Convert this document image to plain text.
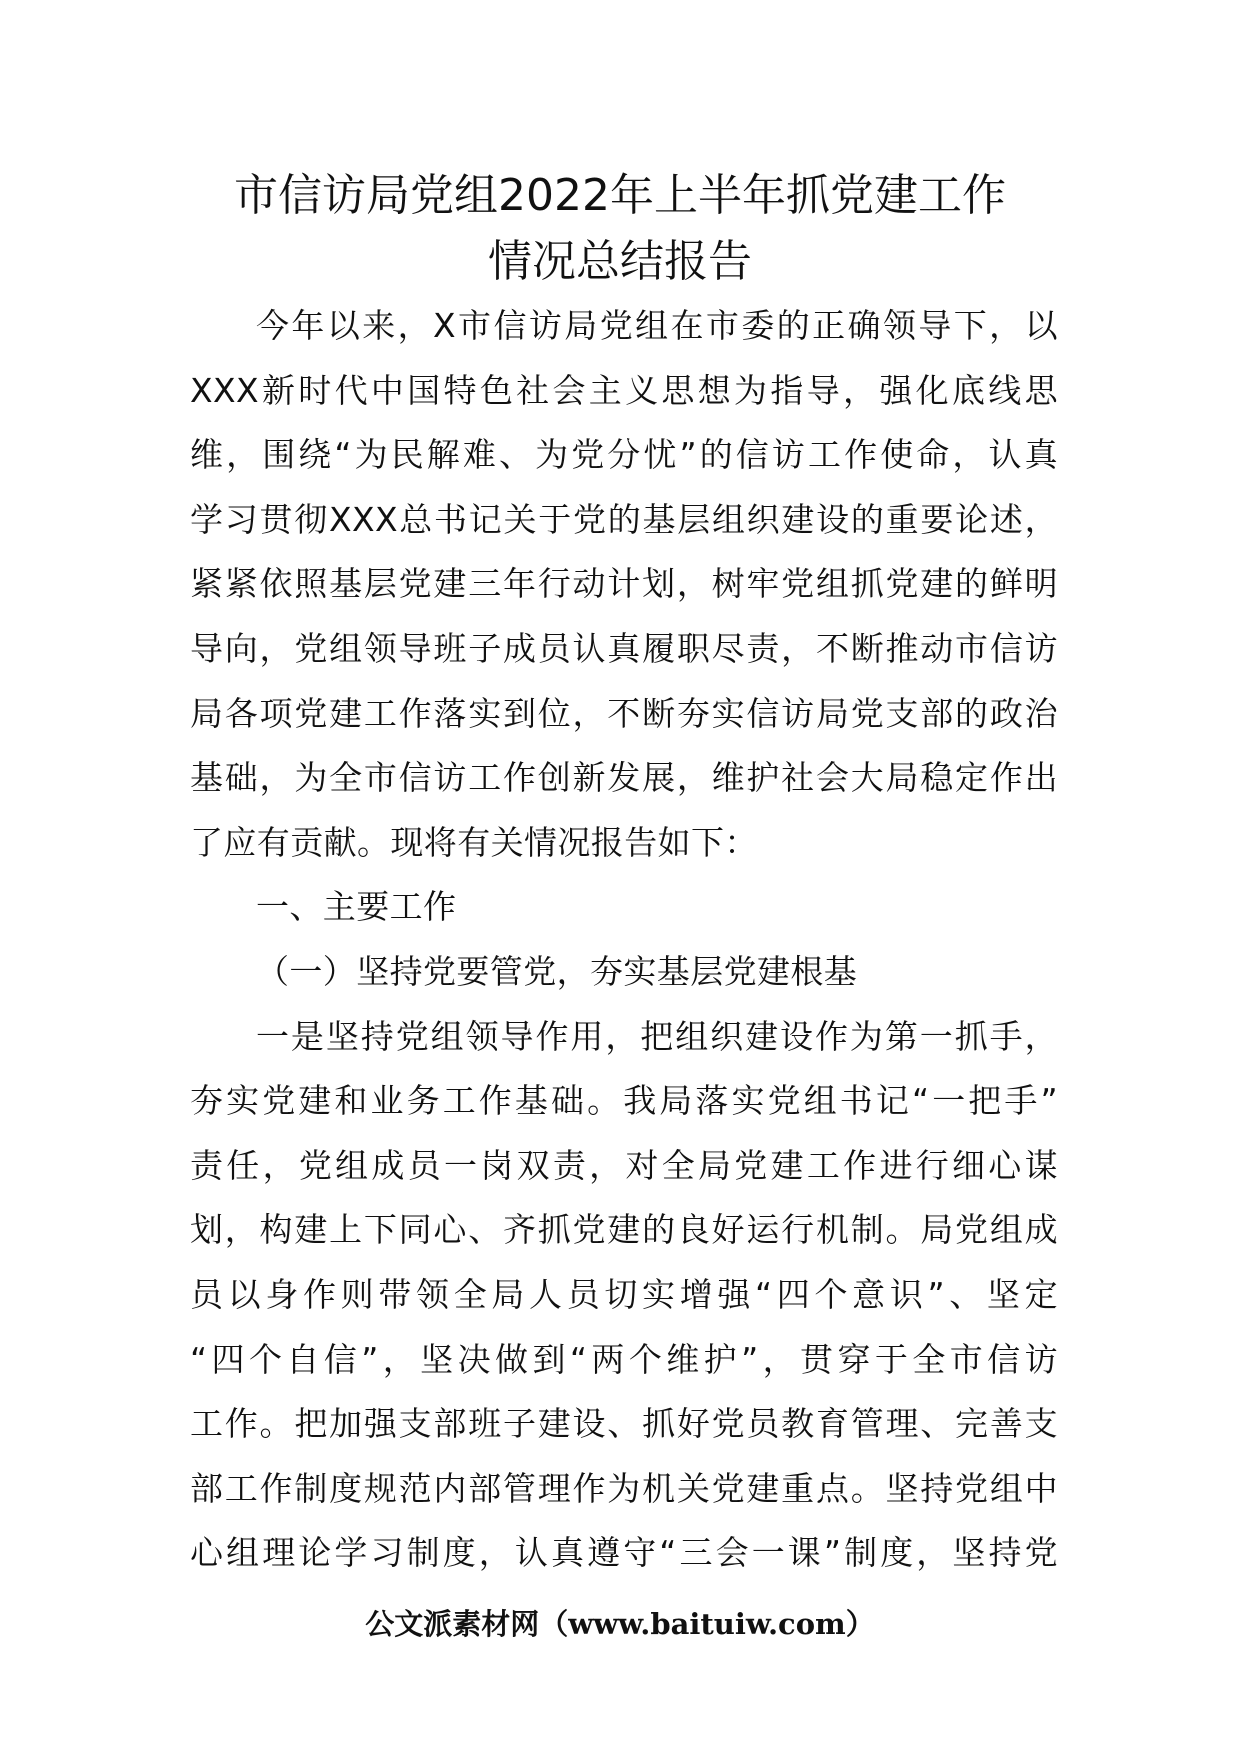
市信访局党组2022年上半年抓党建工作
情况总结报告
今年以来，X市信访局党组在市委的正确领导下，以
XXX新时代中国特色社会主义思想为指导，强化底线思
维，围绕“为民解难、为党分忧”的信访工作使命，认真
学习贯彻XXX总书记关于党的基层组织建设的重要论述，
紧紧依照基层党建三年行动计划，树牢党组抓党建的鲜明
导向，党组领导班子成员认真履职尽责，不断推动市信访
局各项党建工作落实到位，不断夯实信访局党支部的政治
基础，为全市信访工作创新发展，维护社会大局稳定作出
了应有贡献。现将有关情况报告如下：
一、主要工作
（一）坚持党要管党，夯实基层党建根基
一是坚持党组领导作用，把组织建设作为第一抓手，
夯实党建和业务工作基础。我局落实党组书记“一把手”
责任，党组成员一岗双责，对全局党建工作进行细心谋
划，构建上下同心、齐抓党建的良好运行机制。局党组成
员以身作则带领全局人员切实增强“四个意识”、坚定
“四个自信”，坚决做到“两个维护”，贯穿于全市信访
工作。把加强支部班子建设、抓好党员教育管理、完善支
部工作制度规范内部管理作为机关党建重点。坚持党组中
心组理论学习制度，认真遵守“三会一课”制度，坚持党
公文派素材网（www.baituiw.com）
